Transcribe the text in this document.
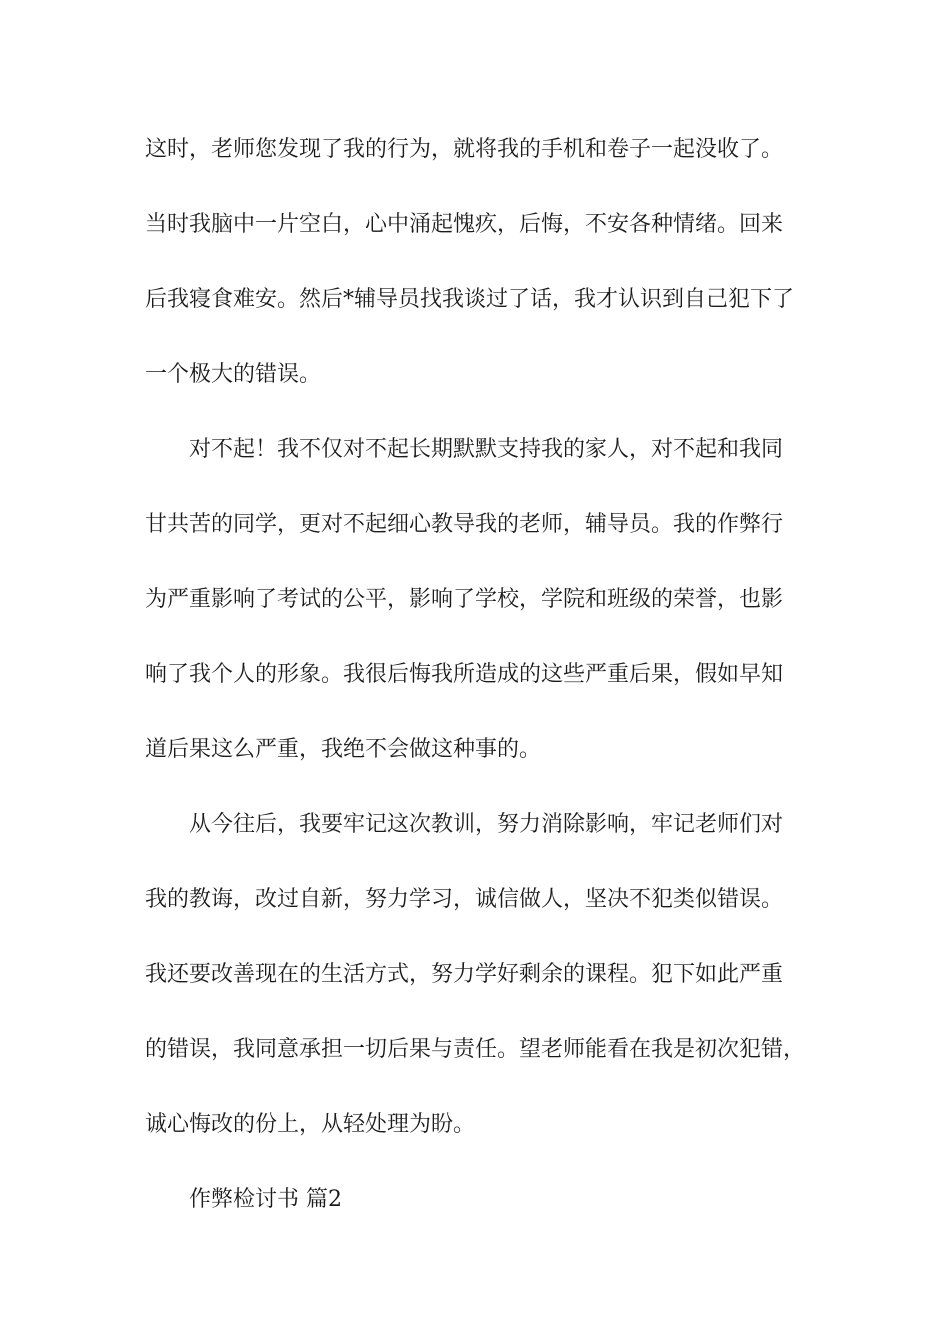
这时，老师您发现了我的行为，就将我的手机和卷子一起没收了。

当时我脑中一片空白，心中涌起愧疚，后悔，不安各种情绪。回来

后我寝食难安。然后*辅导员找我谈过了话，我才认识到自己犯下了

一个极大的错误。

对不起！我不仅对不起长期默默支持我的家人，对不起和我同

甘共苦的同学，更对不起细心教导我的老师，辅导员。我的作弊行

为严重影响了考试的公平，影响了学校，学院和班级的荣誉，也影

响了我个人的形象。我很后悔我所造成的这些严重后果，假如早知

道后果这么严重，我绝不会做这种事的。

从今往后，我要牢记这次教训，努力消除影响，牢记老师们对

我的教诲，改过自新，努力学习，诚信做人，坚决不犯类似错误。

我还要改善现在的生活方式，努力学好剩余的课程。犯下如此严重

的错误，我同意承担一切后果与责任。望老师能看在我是初次犯错，

诚心悔改的份上，从轻处理为盼。

作弊检讨书 篇2
